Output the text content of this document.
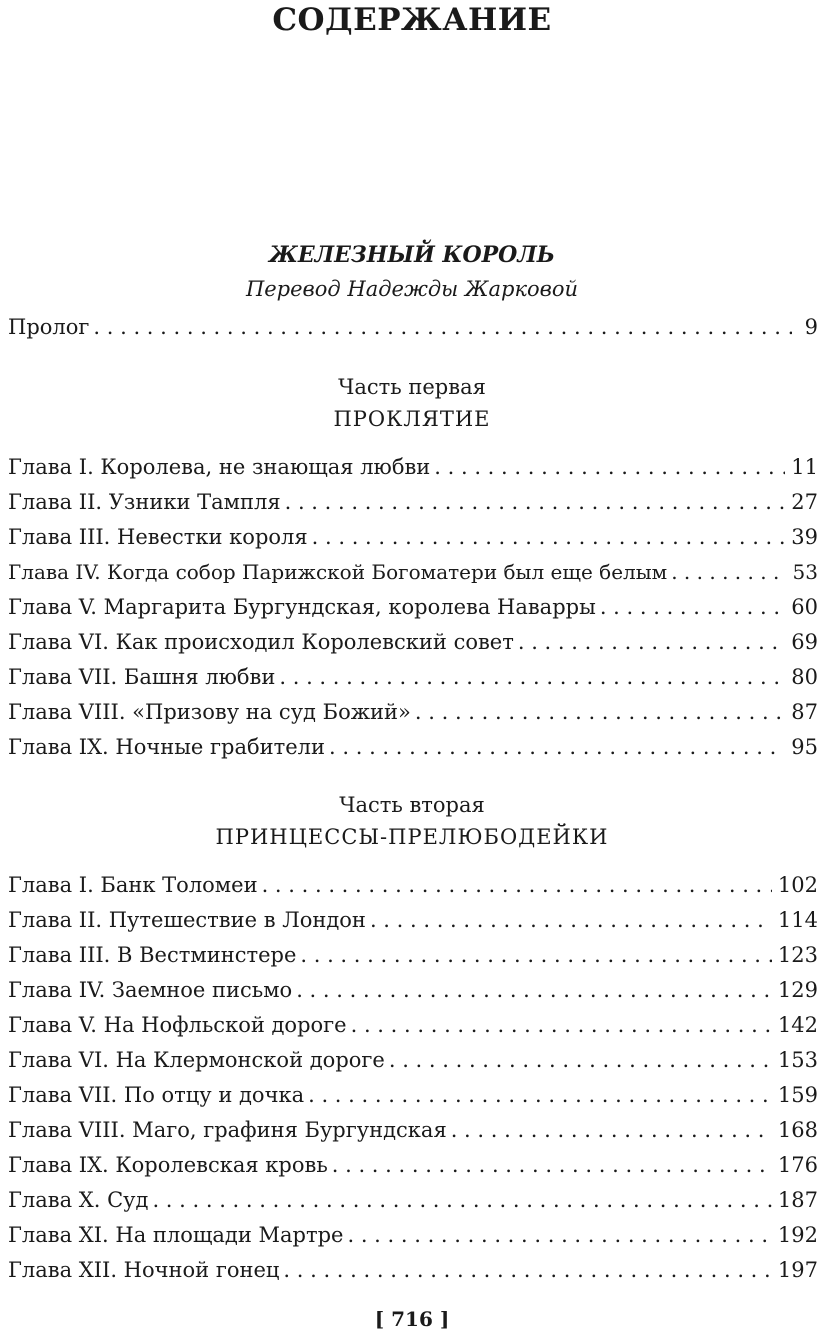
СОДЕРЖАНИЕ
ЖЕЛЕЗНЫЙ КОРОЛЬ
Перевод Надежды Жарковой
Пролог . . .	9
Часть первая
ПРОКЛЯТИЕ
Глава I. Королева, не знающая любви . . .	11
Глава II. Узники Тампля . . .	27
Глава III. Невестки короля . . .	39
Глава IV. Когда собор Парижской Богоматери был еще белым . . .	53
Глава V. Маргарита Бургундская, королева Наварры . . .	60
Глава VI. Как происходил Королевский совет . . .	69
Глава VII. Башня любви . . .	80
Глава VIII. «Призову на суд Божий» . . .	87
Глава IX. Ночные грабители . . .	95
Часть вторая
ПРИНЦЕССЫ-ПРЕЛЮБОДЕЙКИ
Глава I. Банк Толомеи . . .	102
Глава II. Путешествие в Лондон . . .	114
Глава III. В Вестминстере . . .	123
Глава IV. Заемное письмо . . .	129
Глава V. На Нофльской дороге . . .	142
Глава VI. На Клермонской дороге . . .	153
Глава VII. По отцу и дочка . . .	159
Глава VIII. Маго, графиня Бургундская . . .	168
Глава IX. Королевская кровь . . .	176
Глава X. Суд . . .	187
Глава XI. На площади Мартре . . .	192
Глава XII. Ночной гонец . . .	197
[ 716 ]
